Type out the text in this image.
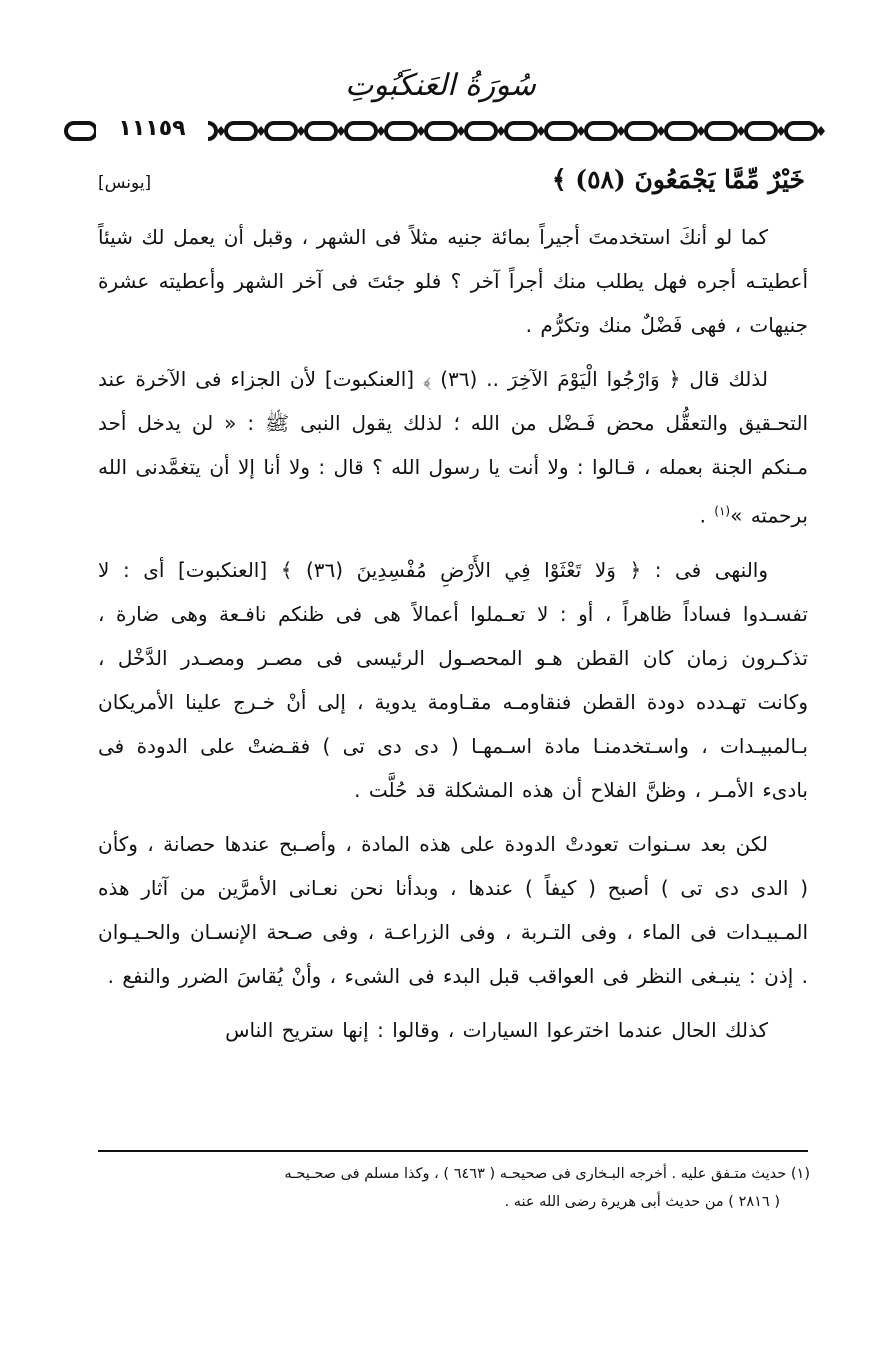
سُورَةُ العَنكَبُوتِ
١١١٥٩
خَيْرٌ مِّمَّا يَجْمَعُونَ (٥٨) ﴾
[يونس]

كما لو أنكَ استخدمتَ أجيراً بمائة جنيه مثلاً فى الشهر ، وقبل أن يعمل لك شيئاً أعطيتـه أجره فهل يطلب منك أجراً آخر ؟ فلو جئتَ فى آخر الشهر وأعطيته عشرة جنيهات ، فهى فَضْلٌ منك وتكرُّم .

لذلك قال ﴿ وَارْجُوا الْيَوْمَ الآخِرَ .. (٣٦) ﴾ [العنكبوت] لأن الجزاء فى الآخرة عند التحـقيق والتعقُّل محض فَـضْل من الله ؛ لذلك يقول النبى ﷺ : « لن يدخل أحد مـنكم الجنة بعمله ، قـالوا : ولا أنت يا رسول الله ؟ قال : ولا أنا إلا أن يتغمَّدنى الله برحمته »$^{(١)}$ .

والنهى فى : ﴿ وَلا تَعْثَوْا فِي الأَرْضِ مُفْسِدِينَ (٣٦) ﴾ [العنكبوت] أى : لا تفسـدوا فساداً ظاهراً ، أو : لا تعـملوا أعمالاً هى فى ظنكم نافـعة وهى ضارة ، تذكـرون زمان كان القطن هـو المحصـول الرئيسى فى مصـر ومصـدر الدَّخْل ، وكانت تهـدده دودة القطن فنقاومـه مقـاومة يدوية ، إلى أنْ خـرج علينا الأمريكان بـالمبيـدات ، واسـتخدمنـا مادة اسـمهـا ( دى دى تى ) فقـضتْ على الدودة فى بادىء الأمـر ، وظنَّ الفلاح أن هذه المشكلة قد حُلَّت .

لكن بعد سـنوات تعودتْ الدودة على هذه المادة ، وأصـبح عندها حصانة ، وكأن ( الدى دى تى ) أصبح ( كيفاً ) عندها ، وبدأنا نحن نعـانى الأمرَّين من آثار هذه المـبيـدات فى الماء ، وفى التـربة ، وفى الزراعـة ، وفى صـحة الإنسـان والحـيـوان . إذن : ينبـغى النظر فى العواقب قبل البدء فى الشىء ، وأنْ يُقاسَ الضرر والنفع .

كذلك الحال عندما اخترعوا السيارات ، وقالوا : إنها ستريح الناس

(١) حديث متـفق عليه . أخرجه البـخارى فى صحيحـه ( ٦٤٦٣ ) ، وكذا مسلم فى صحـيحـه
( ٢٨١٦ ) من حديث أبى هريرة رضى الله عنه .
